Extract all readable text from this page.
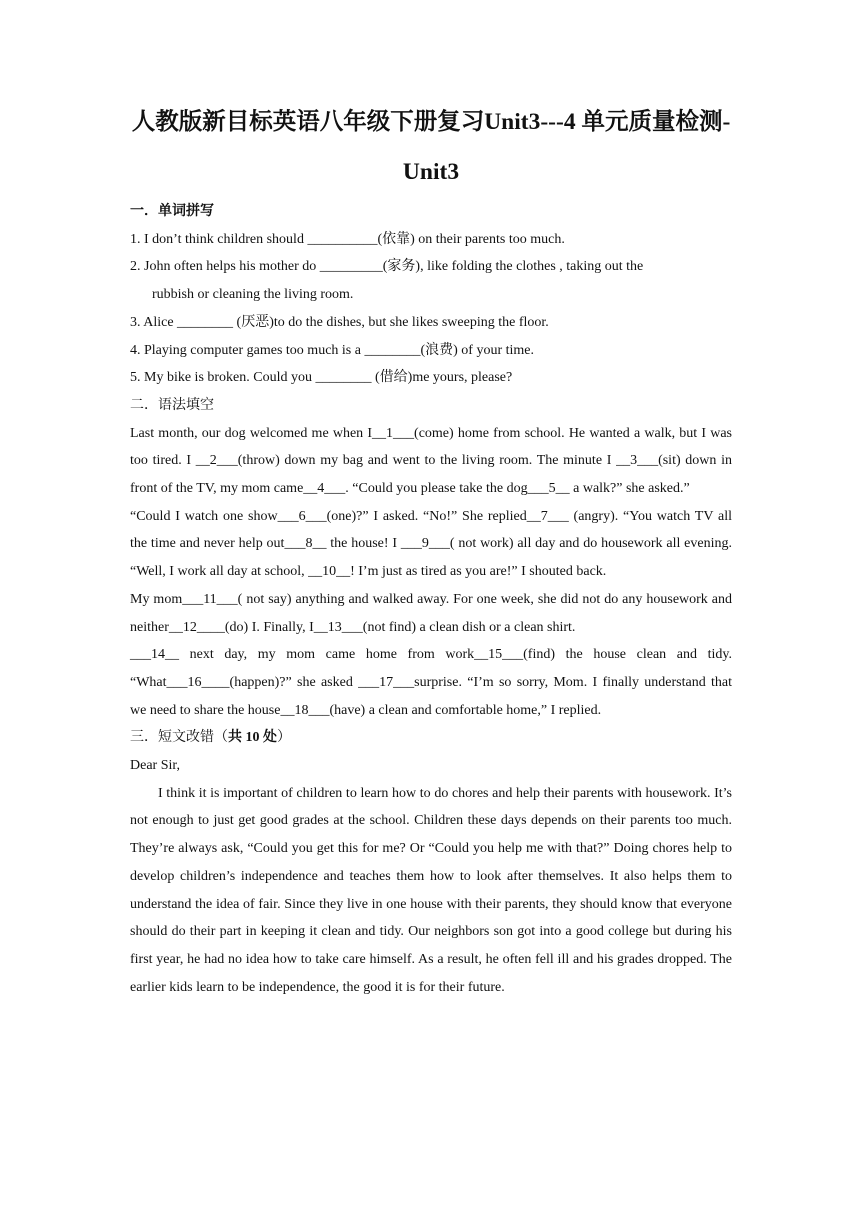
人教版新目标英语八年级下册复习Unit3---4 单元质量检测-
Unit3
一．单词拼写
1. I don’t think children should __________(依靠) on their parents too much.
2. John often helps his mother do _________(家务), like folding the clothes , taking out the
rubbish or cleaning the living room.
3. Alice ________ (厌恶)to do the dishes, but she likes sweeping the floor.
4. Playing computer games too much is a ________(浪费) of your time.
5. My bike is broken. Could you ________ (借给)me yours, please?
二．语法填空
Last month, our dog welcomed me when I__1___(come) home from school. He wanted a walk, but I was too tired. I __2___(throw) down my bag and went to the living room. The minute I __3___(sit) down in front of the TV, my mom came__4___. “Could you please take the dog___5__ a walk?” she asked.”
“Could I watch one show___6___(one)?” I asked. “No!” She replied__7___ (angry). “You watch TV all the time and never help out___8__ the house! I ___9___( not work) all day and do housework all evening. “Well, I work all day at school, __10__! I’m just as tired as you are!” I shouted back.
My mom___11___( not say) anything and walked away. For one week, she did not do any housework and neither__12____(do) I. Finally, I__13___(not find) a clean dish or a clean shirt.
___14__ next day, my mom came home from work__15___(find) the house clean and tidy. “What___16____(happen)?” she asked ___17___surprise. “I’m so sorry, Mom. I finally understand that we need to share the house__18___(have) a clean and comfortable home,” I replied.
三．短文改错（共 10 处）
Dear Sir,
I think it is important of children to learn how to do chores and help their parents with housework. It’s not enough to just get good grades at the school. Children these days depends on their parents too much. They’re always ask, “Could you get this for me? Or “Could you help me with that?” Doing chores help to develop children’s independence and teaches them how to look after themselves. It also helps them to understand the idea of fair. Since they live in one house with their parents, they should know that everyone should do their part in keeping it clean and tidy. Our neighbors son got into a good college but during his first year, he had no idea how to take care himself. As a result, he often fell ill and his grades dropped. The earlier kids learn to be independence, the good it is for their future.
